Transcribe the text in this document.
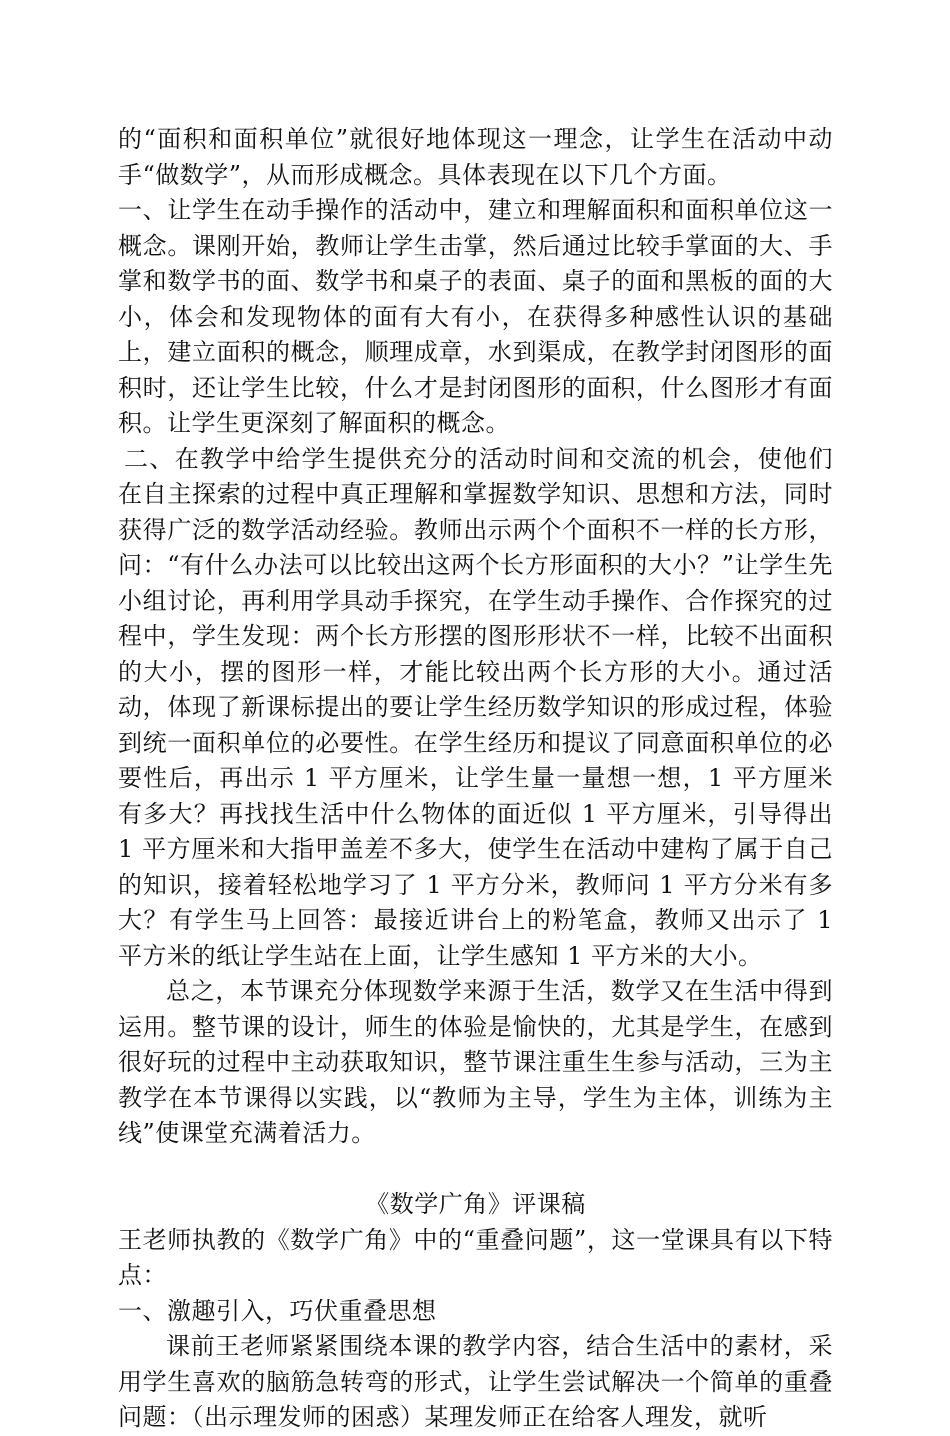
的“面积和面积单位”就很好地体现这一理念，让学生在活动中动手“做数学”，从而形成概念。具体表现在以下几个方面。

一、让学生在动手操作的活动中，建立和理解面积和面积单位这一概念。课刚开始，教师让学生击掌，然后通过比较手掌面的大、手掌和数学书的面、数学书和桌子的表面、桌子的面和黑板的面的大小，体会和发现物体的面有大有小，在获得多种感性认识的基础上，建立面积的概念，顺理成章，水到渠成，在教学封闭图形的面积时，还让学生比较，什么才是封闭图形的面积，什么图形才有面积。让学生更深刻了解面积的概念。

二、在教学中给学生提供充分的活动时间和交流的机会，使他们在自主探索的过程中真正理解和掌握数学知识、思想和方法，同时获得广泛的数学活动经验。教师出示两个个面积不一样的长方形，问：“有什么办法可以比较出这两个长方形面积的大小？”让学生先小组讨论，再利用学具动手探究，在学生动手操作、合作探究的过程中，学生发现：两个长方形摆的图形形状不一样，比较不出面积的大小，摆的图形一样，才能比较出两个长方形的大小。通过活动，体现了新课标提出的要让学生经历数学知识的形成过程，体验到统一面积单位的必要性。在学生经历和提议了同意面积单位的必要性后，再出示 1 平方厘米，让学生量一量想一想，1 平方厘米有多大？再找找生活中什么物体的面近似 1 平方厘米，引导得出 1 平方厘米和大指甲盖差不多大，使学生在活动中建构了属于自己的知识，接着轻松地学习了 1 平方分米，教师问 1 平方分米有多大？有学生马上回答：最接近讲台上的粉笔盒，教师又出示了 1 平方米的纸让学生站在上面，让学生感知 1 平方米的大小。

总之，本节课充分体现数学来源于生活，数学又在生活中得到运用。整节课的设计，师生的体验是愉快的，尤其是学生，在感到很好玩的过程中主动获取知识，整节课注重生生参与活动，三为主教学在本节课得以实践，以“教师为主导，学生为主体，训练为主线”使课堂充满着活力。

《数学广角》评课稿

王老师执教的《数学广角》中的“重叠问题”，这一堂课具有以下特点：

一、激趣引入，巧伏重叠思想

课前王老师紧紧围绕本课的教学内容，结合生活中的素材，采用学生喜欢的脑筋急转弯的形式，让学生尝试解决一个简单的重叠问题：（出示理发师的困惑）某理发师正在给客人理发，就听
